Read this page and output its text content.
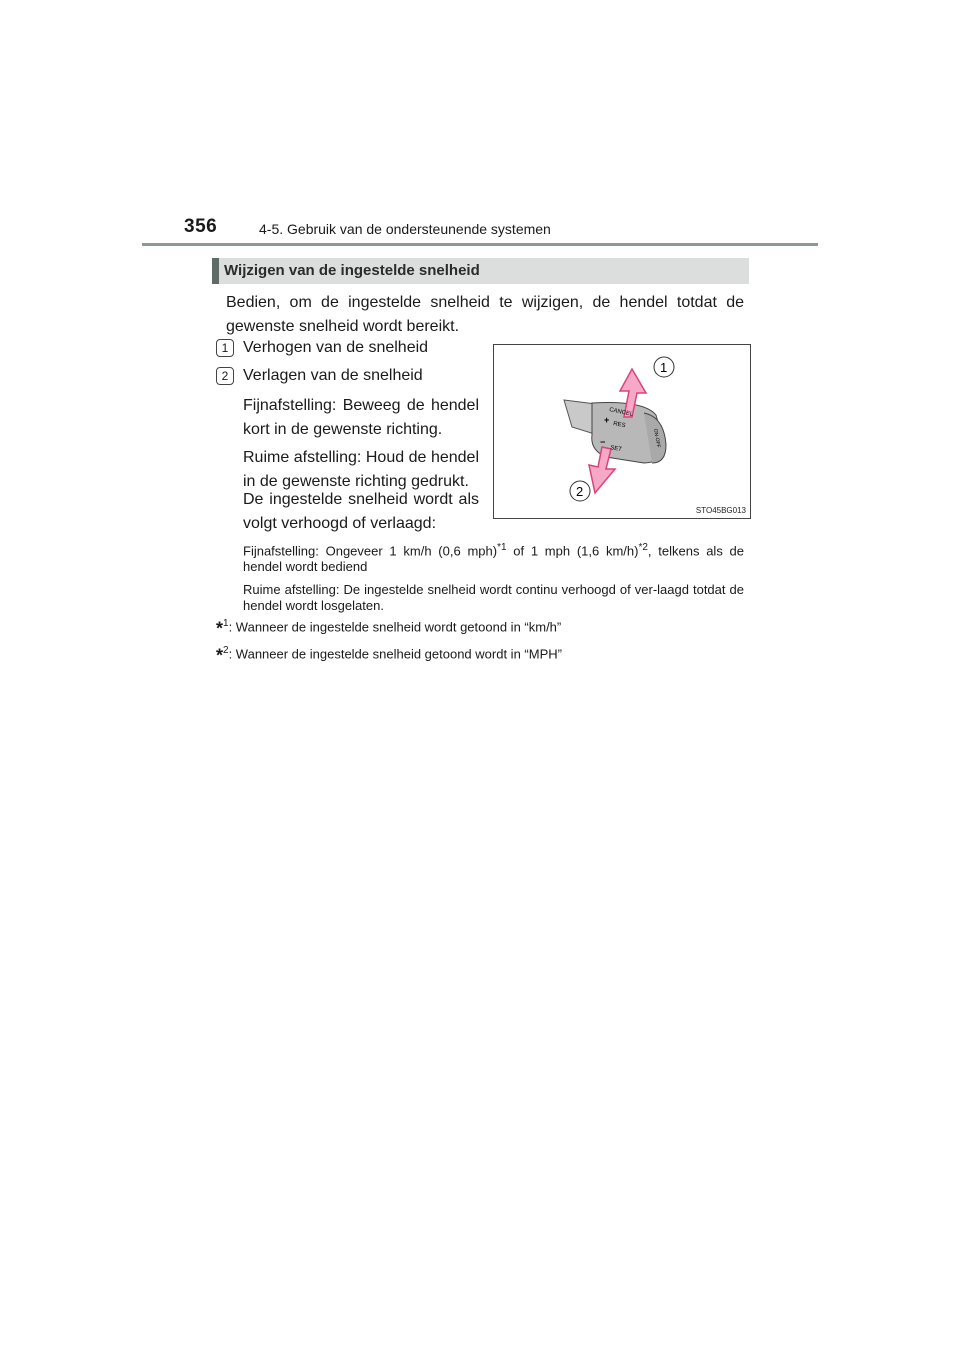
356	4-5. Gebruik van de ondersteunende systemen
Wijzigen van de ingestelde snelheid
Bedien, om de ingestelde snelheid te wijzigen, de hendel totdat de gewenste snelheid wordt bereikt.
1 Verhogen van de snelheid
2 Verlagen van de snelheid
Fijnafstelling: Beweeg de hendel kort in de gewenste richting.
Ruime afstelling: Houd de hendel in de gewenste richting gedrukt.
De ingestelde snelheid wordt als volgt verhoogd of verlaagd:
Fijnafstelling: Ongeveer 1 km/h (0,6 mph)$^{*1}$ of 1 mph (1,6 km/h)$^{*2}$, telkens als de hendel wordt bediend
Ruime afstelling: De ingestelde snelheid wordt continu verhoogd of ver-laagd totdat de hendel wordt losgelaten.
*$^1$: Wanneer de ingestelde snelheid wordt getoond in “km/h”
*$^2$: Wanneer de ingestelde snelheid getoond wordt in “MPH”
CANCEL
+
RES
−
SET
ON·OFF
1
2
STO45BG013
